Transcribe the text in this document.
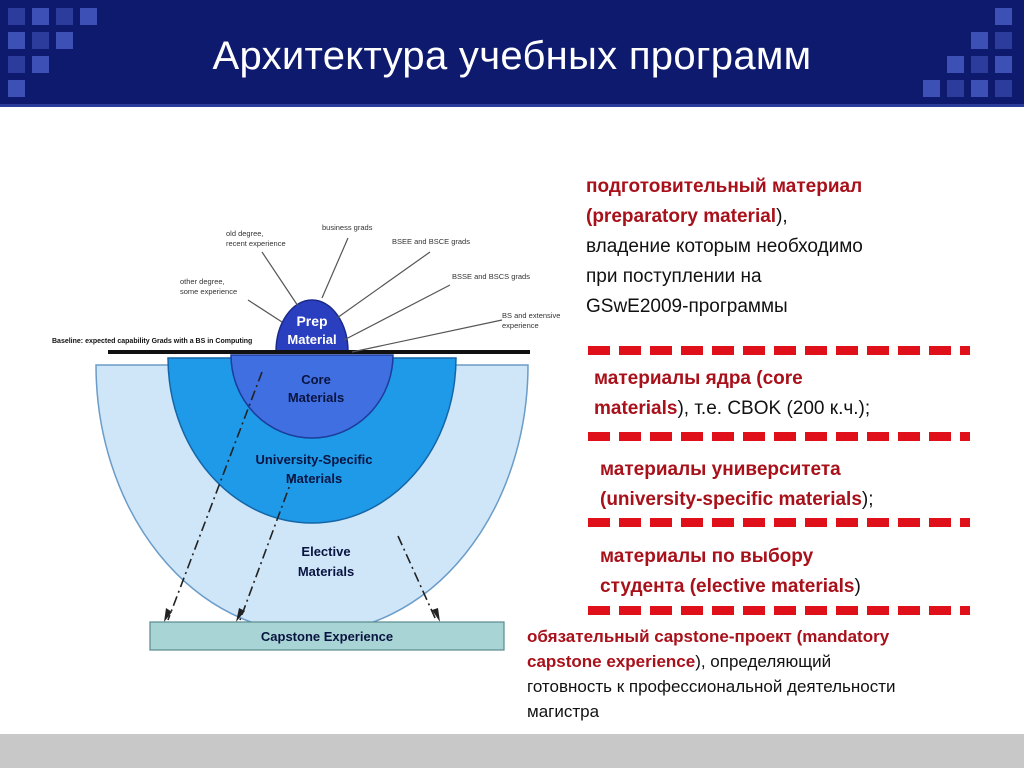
Архитектура учебных программ
Baseline: expected capability Grads with a BS in Computing
old degree,
recent experience
business grads
BSEE and BSCE grads
other degree,
some experience
BSSE and BSCS grads
BS and extensive
experience
Prep
Material
Core
Materials
University-Specific
Materials
Elective
Materials
Capstone Experience
подготовительный материал
(preparatory material),
владение которым необходимо
при поступлении на
GSwE2009-программы
материалы ядра (core
materials), т.е. CBOK (200 к.ч.);
материалы университета
(university-specific materials);
материалы по выбору
студента (elective materials)
обязательный capstone-проект (mandatory
capstone experience), определяющий
готовность к профессиональной деятельности
магистра
